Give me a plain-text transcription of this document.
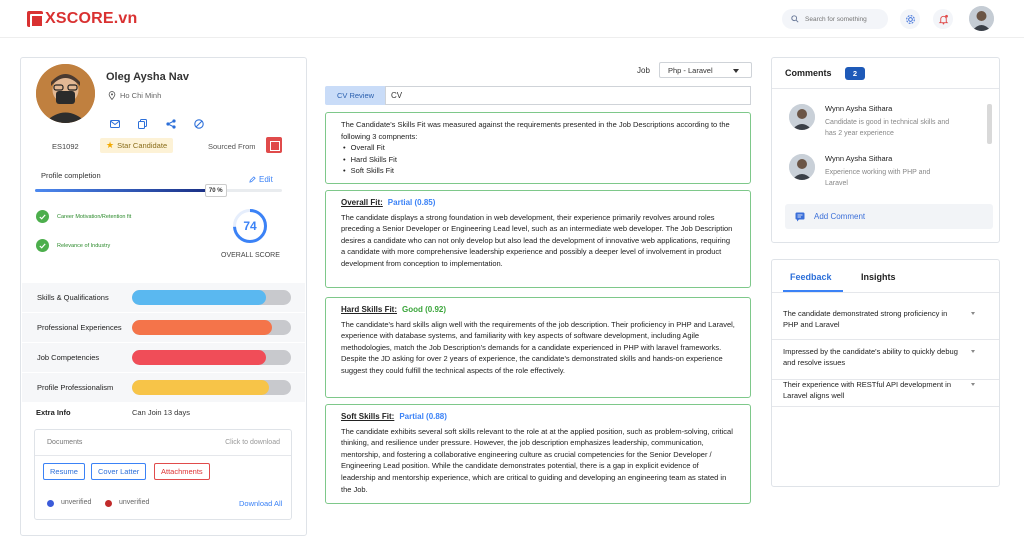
XSCORE.vn
Search for something
Oleg Aysha Nav
Ho Chi Minh
ES1092	★ Star Candidate	Sourced From
Profile completion	Edit
70 %
Career Motivation/Retention fit
Relevance of Industry
74
OVERALL SCORE
Skills & Qualifications
Professional Experiences
Job Competencies
Profile Professionalism
Extra Info	Can Join 13 days
Documents	Click to download
Resume	Cover Latter	Attachments
unverified	unverified	Download All
Job Php - Laravel
CV Review	CV
The Candidate's Skills Fit was measured against the requirements presented in the Job Descriptions according to the following 3 compnents:
• Overall Fit
• Hard Skills Fit
• Soft Skills Fit
Overall Fit: Partial (0.85)
The candidate displays a strong foundation in web development, their experience primarily revolves around roles preceding a Senior Developer or Engineering Lead level, such as an intermediate web developer. The Job Description desires a candidate who can not only develop but also lead the development of innovative web applications, requiring a candidate with more comprehensive leadership experience and possibly a deeper level of involvement in product development from conception to implementation.
Hard Skills Fit: Good (0.92)
The candidate's hard skills align well with the requirements of the job description. Their proficiency in PHP and Laravel, experience with database systems, and familiarity with key aspects of software development, including Agile methodologies, match the Job Description's demands for a candidate experienced in PHP with laravel frameworks. Despite the JD asking for over 2 years of experience, the candidate's demonstrated skills and hands-on experience suggest they could fulfill the technical aspects of the role effectively.
Soft Skills Fit: Partial (0.88)
The candidate exhibits several soft skills relevant to the role at at the applied position, such as problem-solving, critical thinking, and resilience under pressure. However, the job description emphasizes leadership, communication, mentorship, and fostering a collaborative engineering culture as crucial competencies for the Senior Developer / Engineering Lead position. While the candidate demonstrates potential, there is a gap in explicit evidence of leadership and mentorship experience, which are critical to guiding and developing an engineering team as stated in the Job.
Comments	2
Wynn Aysha Sithara
Candidate is good in technical skills and has 2 year experience
Wynn Aysha Sithara
Experience working with PHP and Laravel
Add Comment
Feedback	Insights
The candidate demonstrated strong proficiency in PHP and Laravel
Impressed by the candidate's ability to quickly debug and resolve issues
Their experience with RESTful API development in Laravel aligns well
